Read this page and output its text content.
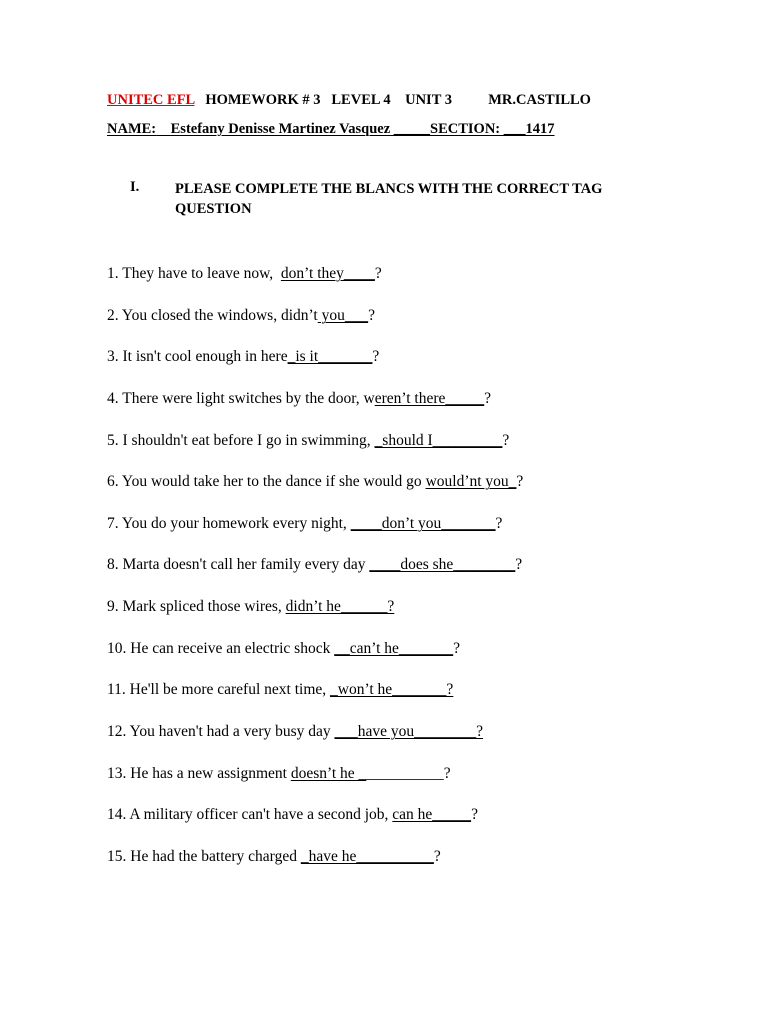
UNITEC EFL   HOMEWORK # 3   LEVEL 4    UNIT 3          MR.CASTILLO
NAME: Estefany Denisse Martinez Vasquez _____SECTION: ___1417

I.

PLEASE COMPLETE THE BLANCS WITH THE CORRECT TAG QUESTION

1. They have to leave now,  don’t they____?
2. You closed the windows, didn’t you___?
3. It isn't cool enough in here_is it_______?
4. There were light switches by the door, weren’t there_____?
5. I shouldn't eat before I go in swimming, _should I_________?
6. You would take her to the dance if she would go would’nt you_?
7. You do your homework every night, ____don’t you_______?
8. Marta doesn't call her family every day ____does she________?
9. Mark spliced those wires, didn’t he______?
10. He can receive an electric shock __can’t he_______?
11. He'll be more careful next time, _won’t he_______?
12. You haven't had a very busy day ___have you________?
13. He has a new assignment doesn’t he ___________?
14. A military officer can't have a second job, can he_____?
15. He had the battery charged _have he__________?
